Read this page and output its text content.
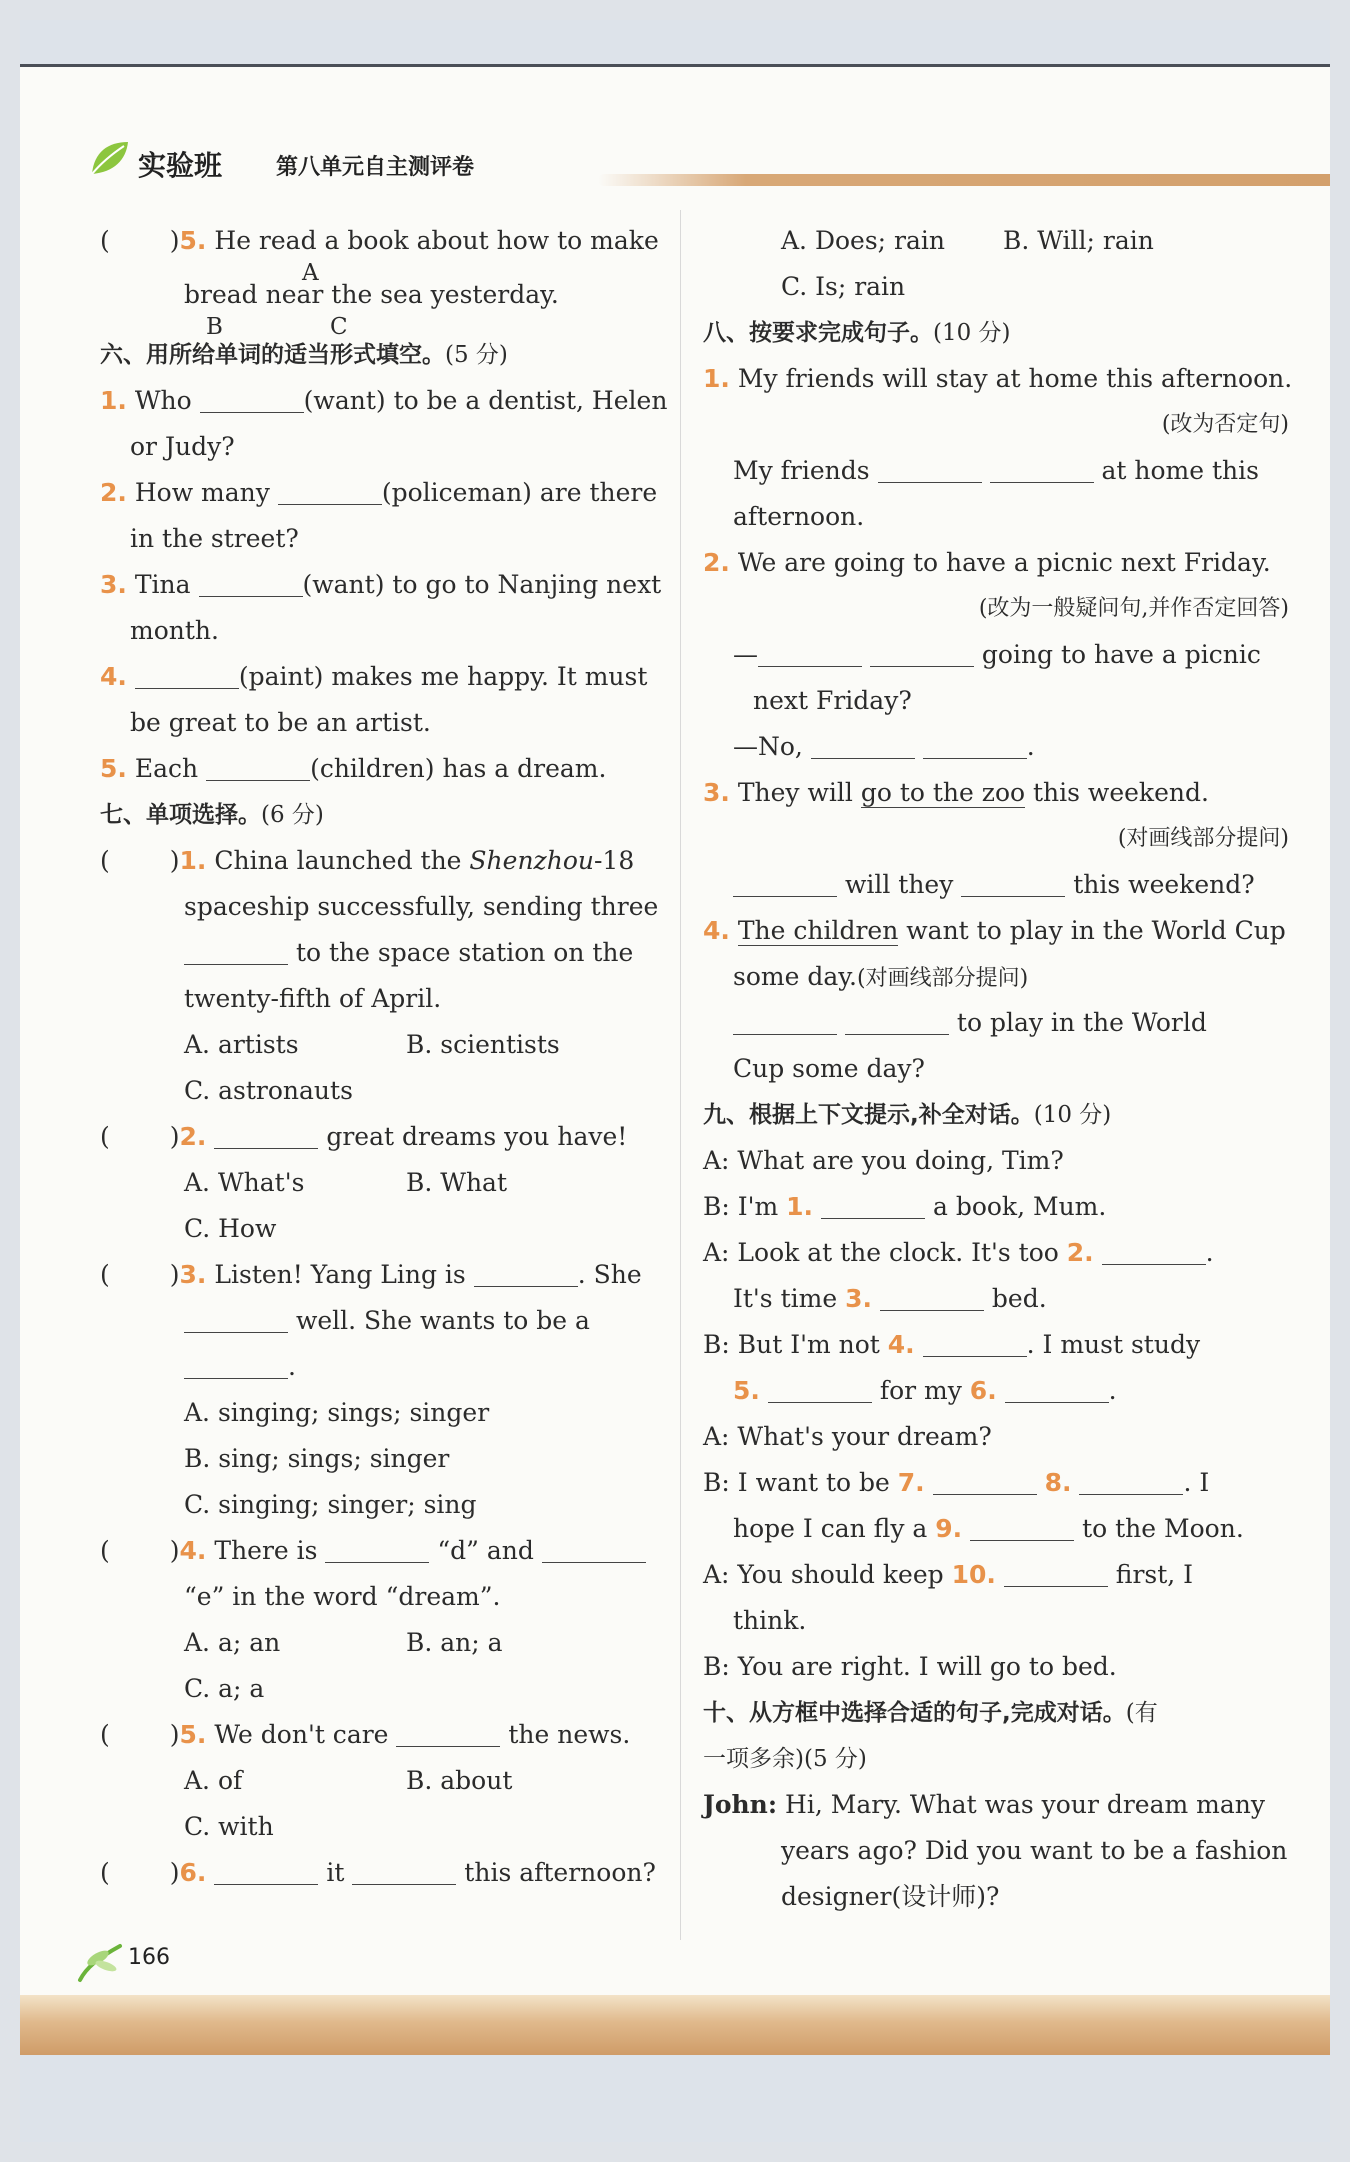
实验班 第八单元自主测评卷
( )5. He read a book about how to make
A
bread near the sea yesterday.
B	C
六、用所给单词的适当形式填空。(5 分)
1. Who	(want) to be a dentist, Helen
or Judy?
2. How many	(policeman) are there
in the street?
3. Tina	(want) to go to Nanjing next
month.
4.	(paint) makes me happy. It must
be great to be an artist.
5. Each	(children) has a dream.
七、单项选择。(6 分)
( )1. China launched the Shenzhou-18
spaceship successfully, sending three
to the space station on the
twenty-fifth of April.
A. artists	B. scientists
C. astronauts
( )2.	great dreams you have!
A. What's	B. What
C. How
( )3. Listen! Yang Ling is	. She
well. She wants to be a
.
A. singing; sings; singer
B. sing; sings; singer
C. singing; singer; sing
( )4. There is	“d” and
“e” in the word “dream”.
A. a; an	B. an; a
C. a; a
( )5. We don't care	the news.
A. of	B. about
C. with
( )6.	it	this afternoon?
A. Does; rain B. Will; rain
C. Is; rain
八、按要求完成句子。(10 分)
1. My friends will stay at home this afternoon.
(改为否定句)
My friends	at home this
afternoon.
2. We are going to have a picnic next Friday.
(改为一般疑问句,并作否定回答)
—	going to have a picnic
next Friday?
—No,	.
3. They will go to the zoo this weekend.
(对画线部分提问)
will they	this weekend?
4. The children want to play in the World Cup
some day.(对画线部分提问)
to play in the World
Cup some day?
九、根据上下文提示,补全对话。(10 分)
A: What are you doing, Tim?
B: I'm 1.	a book, Mum.
A: Look at the clock. It's too 2.	.
It's time 3.	bed.
B: But I'm not 4.	. I must study
5.	for my 6.	.
A: What's your dream?
B: I want to be 7.	8.	. I
hope I can fly a 9.	to the Moon.
A: You should keep 10.	first, I
think.
B: You are right. I will go to bed.
十、从方框中选择合适的句子,完成对话。(有
一项多余)(5 分)
John: Hi, Mary. What was your dream many
years ago? Did you want to be a fashion
designer(设计师)?
166
